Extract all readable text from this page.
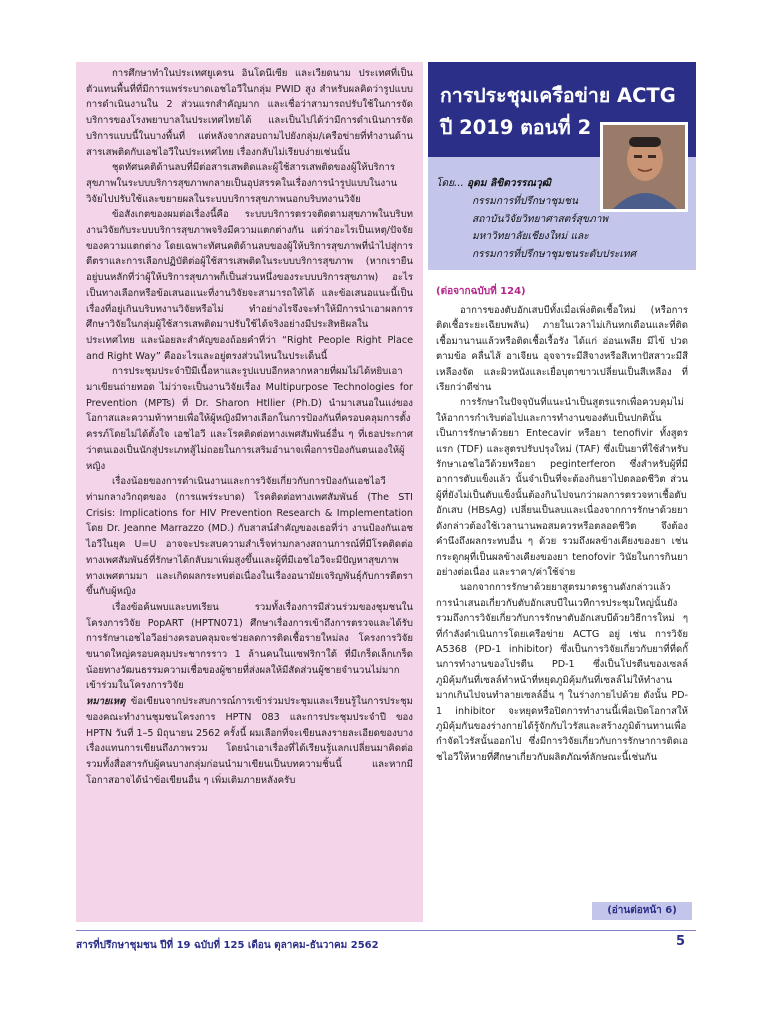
การศึกษาทำในประเทศยูเครน อินโดนีเซีย และเวียดนาม ประเทศที่เป็นตัวแทนพื้นที่ที่มีการแพร่ระบาดเอชไอวีในกลุ่ม PWID สูง สำหรับผลคิดว่ารูปแบบการดำเนินงานใน 2 ส่วนแรกสำคัญมาก และเชื่อว่าสามารถปรับใช้ในการจัดบริการของโรงพยาบาลในประเทศไทยได้ และเป็นไปได้ว่ามีการดำเนินการจัดบริการแบบนี้ในบางพื้นที่ แต่หลังจากสอบถามไปยังกลุ่ม/เครือข่ายที่ทำงานด้านสารเสพติดกับเอชไอวีในประเทศไทย เรื่องกลับไม่เรียบง่ายเช่นนั้น

ชุดทัศนคติด้านลบที่มีต่อสารเสพติดและผู้ใช้สารเสพติดของผู้ให้บริการสุขภาพในระบบบริการสุขภาพกลายเป็นอุปสรรคในเรื่องการนำรูปแบบในงานวิจัยไปปรับใช้และขยายผลในระบบบริการสุขภาพนอกบริบทงานวิจัย

ข้อสังเกตของผมต่อเรื่องนี้คือ ระบบบริการตรวจติดตามสุขภาพในบริบทงานวิจัยกับระบบบริการสุขภาพจริงมีความแตกต่างกัน แต่ว่าอะไรเป็นเหตุ/ปัจจัยของความแตกต่าง โดยเฉพาะทัศนคติด้านลบของผู้ให้บริการสุขภาพที่นำไปสู่การตีตราและการเลือกปฏิบัติต่อผู้ใช้สารเสพติดในระบบบริการสุขภาพ (หากเรายืนอยู่บนหลักที่ว่าผู้ให้บริการสุขภาพก็เป็นส่วนหนึ่งของระบบบริการสุขภาพ) อะไรเป็นทางเลือกหรือข้อเสนอแนะที่งานวิจัยจะสามารถให้ได้ และข้อเสนอแนะนี้เป็นเรื่องที่อยู่เกินบริบทงานวิจัยหรือไม่ ทำอย่างไรจึงจะทำให้มีการนำเอาผลการศึกษาวิจัยในกลุ่มผู้ใช้สารเสพติดมาปรับใช้ได้จริงอย่างมีประสิทธิผลในประเทศไทย และน้อยละสำคัญของถ้อยคำที่ว่า “Right People Right Place and Right Way” คืออะไรและอยู่ตรงส่วนไหนในประเด็นนี้

การประชุมประจำปีมีเนื้อหาและรูปแบบอีกหลากหลายที่ผมไม่ได้หยิบเอามาเขียนถ่ายทอด ไม่ว่าจะเป็นงานวิจัยเรื่อง Multipurpose Technologies for Prevention (MPTs) ที่ Dr. Sharon Htllier (Ph.D) นำมาเสนอในแง่ของโอกาสและความท้าทายเพื่อให้ผู้หญิงมีทางเลือกในการป้องกันที่ครอบคลุมการตั้งครรภ์โดยไม่ได้ตั้งใจ เอชไอวี และโรคติดต่อทางเพศสัมพันธ์อื่น ๆ ที่เธอประกาศว่าตนเองเป็นนักสู่ประเภทสู้ไม่ถอยในการเสริมอำนาจเพื่อการป้องกันตนเองให้ผู้หญิง

เรื่องน้อยของการดำเนินงานและการวิจัยเกี่ยวกับการป้องกันเอชไอวีท่ามกลางวิกฤตของ (การแพร่ระบาด) โรคติดต่อทางเพศสัมพันธ์ (The STI Crisis: Implications for HIV Prevention Research & Implementation โดย Dr. Jeanne Marrazzo (MD.) กับสาสน์สำคัญของเธอที่ว่า งานป้องกันเอชไอวีในยุค U=U อาจจะประสบความสำเร็จท่ามกลางสถานการณ์ที่มีโรคติดต่อทางเพศสัมพันธ์ที่รักษาได้กลับมาเพิ่มสูงขึ้นและผู้ที่มีเอชไอวีจะมีปัญหาสุขภาพทางเพศตามมา และเกิดผลกระทบต่อเนื่องในเรื่องอนามัยเจริญพันธุ์กับการตีตราขึ้นกับผู้หญิง

เรื่องข้อค้นพบและบทเรียน รวมทั้งเรื่องการมีส่วนร่วมของชุมชนในโครงการวิจัย PopART (HPTN071) ศึกษาเรื่องการเข้าถึงการตรวจและได้รับการรักษาเอชไอวีอย่างครอบคลุมจะช่วยลดการติดเชื้อรายใหม่ลง โครงการวิจัยขนาดใหญ่ครอบคลุมประชากรราว 1 ล้านคนในแซฟริกาใต้ ที่มีเกร็ดเล็กเกร็ดน้อยทางวัฒนธรรมความเชื่อของผู้ชายที่ส่งผลให้มีสัดส่วนผู้ชายจำนวนไม่มากเข้าร่วมในโครงการวิจัย

หมายเหตุ ข้อเขียนจากประสบการณ์การเข้าร่วมประชุมและเรียนรู้ในการประชุมของคณะทำงานชุมชนโครงการ HPTN 083 และการประชุมประจำปี ของ HPTN วันที่ 1–5 มิถุนายน 2562 ครั้งนี้ ผมเลือกที่จะเขียนลงรายละเอียดของบางเรื่องแทนการเขียนถึงภาพรวม โดยนำเอาเรื่องที่ได้เรียนรู้แลกเปลี่ยนมาคิดต่อรวมทั้งสื่อสารกับผู้คนบางกลุ่มก่อนนำมาเขียนเป็นบทความชิ้นนี้ และหากมีโอกาสอาจได้นำข้อเขียนอื่น ๆ เพิ่มเติมภายหลังครับ

การประชุมเครือข่าย ACTG
ปี 2019 ตอนที่ 2
โดย... อุดม ลิขิตวรรณวุฒิ
กรรมการที่ปรึกษาชุมชน
สถาบันวิจัยวิทยาศาสตร์สุขภาพ
มหาวิทยาลัยเชียงใหม่ และ
กรรมการที่ปรึกษาชุมชนระดับประเทศ
(ต่อจากฉบับที่ 124)

อาการของตับอักเสบบีทั้งเมื่อเพิ่งติดเชื้อใหม่ (หรือการติดเชื้อระยะเฉียบพลัน) ภายในเวลาไม่เกินหกเดือนและที่ติดเชื้อมานานแล้วหรือติดเชื้อเรื้อรัง ได้แก่ อ่อนเพลีย มีไข้ ปวดตามข้อ คลื่นไส้ อาเจียน อุจจาระมีสีจางหรือสีเทาปัสสาวะมีสีเหลืองจัด และผิวหนังและเยื่อบุตาขาวเปลี่ยนเป็นสีเหลือง ที่เรียกว่าดีซ่าน

การรักษาในปัจจุบันที่แนะนำเป็นสูตรแรกเพื่อควบคุมไม่ให้อาการกำเริบต่อไปและการทำงานของตับเป็นปกตินั้นเป็นการรักษาด้วยยา Entecavir หรือยา tenofivir ทั้งสูตรแรก (TDF) และสูตรปรับปรุงใหม่ (TAF) ซึ่งเป็นยาที่ใช้สำหรับรักษาเอชไอวีด้วยหรือยา peginterferon ซึ่งสำหรับผู้ที่มีอาการตับแข็งแล้ว นั้นจำเป็นที่จะต้องกินยาไปตลอดชีวิต ส่วนผู้ที่ยังไม่เป็นตับแข็งนั้นต้องกินไปจนกว่าผลการตรวจหาเชื้อตับอักเสบ (HBsAg) เปลี่ยนเป็นลบและเนื่องจากการรักษาด้วยยาดังกล่าวต้องใช้เวลานานพอสมควรหรือตลอดชีวิต จึงต้องคำนึงถึงผลกระทบอื่น ๆ ด้วย รวมถึงผลข้างเคียงของยา เช่น กระดูกผุที่เป็นผลข้างเคียงของยา tenofovir วินัยในการกินยาอย่างต่อเนื่อง และราคา/ค่าใช้จ่าย

นอกจากการรักษาด้วยยาสูตรมาตรฐานดังกล่าวแล้ว การนำเสนอเกี่ยวกับตับอักเสบบีในเวทีการประชุมใหญ่นั้นยังรวมถึงการวิจัยเกี่ยวกับการรักษาตับอักเสบบีด้วยวิธีการใหม่ ๆ ที่กำลังดำเนินการโดยเครือข่าย ACTG อยู่ เช่น การวิจัย A5368 (PD-1 inhibitor) ซึ่งเป็นการวิจัยเกี่ยวกับยาที่ที่ดกั้นการทำงานของโปรตีน PD-1 ซึ่งเป็นโปรตีนของเซลล์ภูมิคุ้มกันที่เซลล์ทำหน้าที่หยุดภูมิคุ้มกันที่เซลล์ไม่ให้ทำงานมากเกินไปจนทำลายเซลล์อื่น ๆ ในร่างกายไปด้วย ดังนั้น PD-1 inhibitor จะหยุดหรือปิดการทำงานนี้เพื่อเปิดโอกาสให้ภูมิคุ้มกันของร่างกายได้รู้จักกับไวรัสและสร้างภูมิต้านทานเพื่อกำจัดไวรัสนั้นออกไป ซึ่งมีการวิจัยเกี่ยวกับการรักษาการติดเอชไอวีให้หายที่ศึกษาเกี่ยวกับผลิตภัณฑ์ลักษณะนี้เช่นกัน

(อ่านต่อหน้า 6)
สารที่ปรึกษาชุมชน ปีที่ 19 ฉบับที่ 125 เดือน ตุลาคม-ธันวาคม 2562	5
